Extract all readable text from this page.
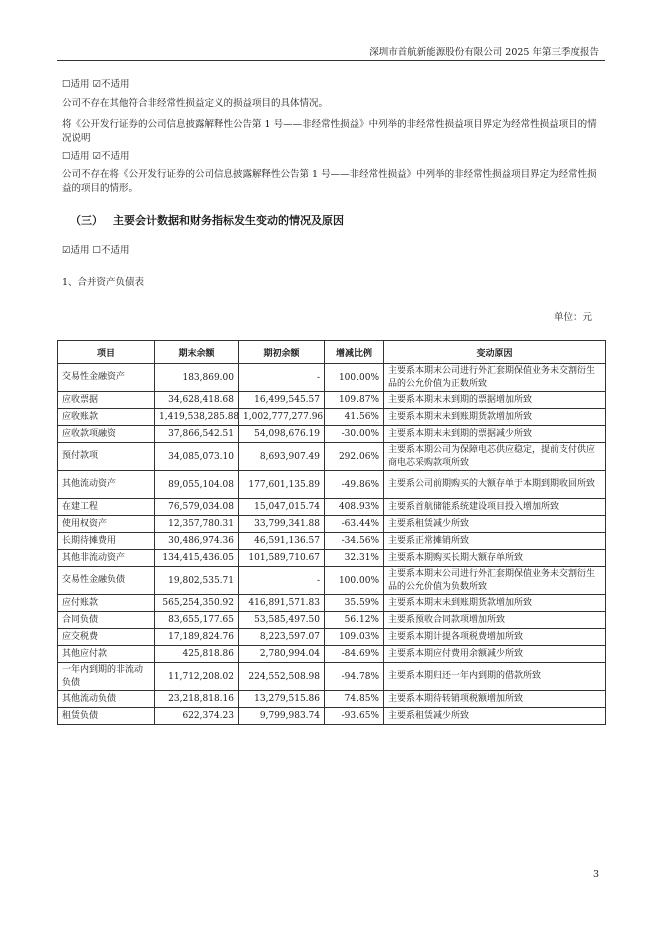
深圳市首航新能源股份有限公司 2025 年第三季度报告
☐适用 ☑不适用
公司不存在其他符合非经常性损益定义的损益项目的具体情况。
将《公开发行证券的公司信息披露解释性公告第 1 号——非经常性损益》中列举的非经常性损益项目界定为经常性损益项目的情况说明
☐适用 ☑不适用
公司不存在将《公开发行证券的公司信息披露解释性公告第 1 号——非经常性损益》中列举的非经常性损益项目界定为经常性损益的项目的情形。
（三） 主要会计数据和财务指标发生变动的情况及原因
☑适用 ☐不适用
1、合并资产负债表
单位：元
项目	期末余额	期初余额	增减比例	变动原因
交易性金融资产	183,869.00	-	100.00%	主要系本期末公司进行外汇套期保值业务未交割衍生品的公允价值为正数所致
应收票据	34,628,418.68	16,499,545.57	109.87%	主要系本期末未到期的票据增加所致
应收账款	1,419,538,285.88	1,002,777,277.96	41.56%	主要系本期末未到账期货款增加所致
应收款项融资	37,866,542.51	54,098,676.19	-30.00%	主要系本期末未到期的票据减少所致
预付款项	34,085,073.10	8,693,907.49	292.06%	主要系本期公司为保障电芯供应稳定，提前支付供应商电芯采购款项所致
其他流动资产	89,055,104.08	177,601,135.89	-49.86%	主要系公司前期购买的大额存单于本期到期收回所致
在建工程	76,579,034.08	15,047,015.74	408.93%	主要系首航储能系统建设项目投入增加所致
使用权资产	12,357,780.31	33,799,341.88	-63.44%	主要系租赁减少所致
长期待摊费用	30,486,974.36	46,591,136.57	-34.56%	主要系正常摊销所致
其他非流动资产	134,415,436.05	101,589,710.67	32.31%	主要系本期购买长期大额存单所致
交易性金融负债	19,802,535.71	-	100.00%	主要系本期末公司进行外汇套期保值业务未交割衍生品的公允价值为负数所致
应付账款	565,254,350.92	416,891,571.83	35.59%	主要系本期末未到账期货款增加所致
合同负债	83,655,177.65	53,585,497.50	56.12%	主要系预收合同款项增加所致
应交税费	17,189,824.76	8,223,597.07	109.03%	主要系本期计提各项税费增加所致
其他应付款	425,818.86	2,780,994.04	-84.69%	主要系本期应付费用余额减少所致
一年内到期的非流动负债	11,712,208.02	224,552,508.98	-94.78%	主要系本期归还一年内到期的借款所致
其他流动负债	23,218,818.16	13,279,515.86	74.85%	主要系本期待转销项税额增加所致
租赁负债	622,374.23	9,799,983.74	-93.65%	主要系租赁减少所致
3
